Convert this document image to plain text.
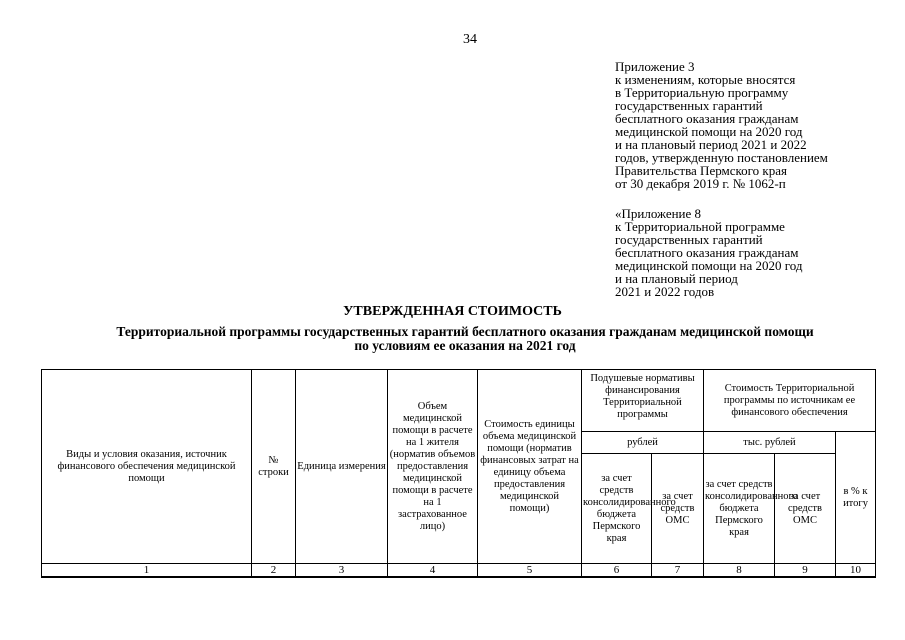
34
Приложение 3
к изменениям, которые вносятся
в Территориальную программу
государственных гарантий
бесплатного оказания гражданам
медицинской помощи на 2020 год
и на плановый период 2021 и 2022
годов, утвержденную постановлением
Правительства Пермского края
от 30 декабря 2019 г. № 1062-п
«Приложение 8
к Территориальной программе
государственных гарантий
бесплатного оказания гражданам
медицинской помощи на 2020 год
и на плановый период
2021 и 2022 годов
УТВЕРЖДЕННАЯ СТОИМОСТЬ
Территориальной программы государственных гарантий бесплатного оказания гражданам медицинской помощи
по условиям ее оказания на 2021 год
Виды и условия оказания, источник финансового обеспечения медицинской помощи	№ строки	Единица измерения	Объем медицинской помощи в расчете на 1 жителя (норматив объемов предоставления медицинской помощи в расчете на 1 застрахованное лицо)	Стоимость единицы объема медицинской помощи (норматив финансовых затрат на единицу объема предоставления медицинской помощи)	Подушевые нормативы финансирования Территориальной программы		Стоимость Территориальной программы по источникам ее финансового обеспечения		
					рублей		тыс. рублей		в % к итогу
					за счет средств консолидированного бюджета Пермского края	за счет средств ОМС	за счет средств консолидированного бюджета Пермского края	за счет средств ОМС	
1	2	3	4	5	6	7	8	9	10
